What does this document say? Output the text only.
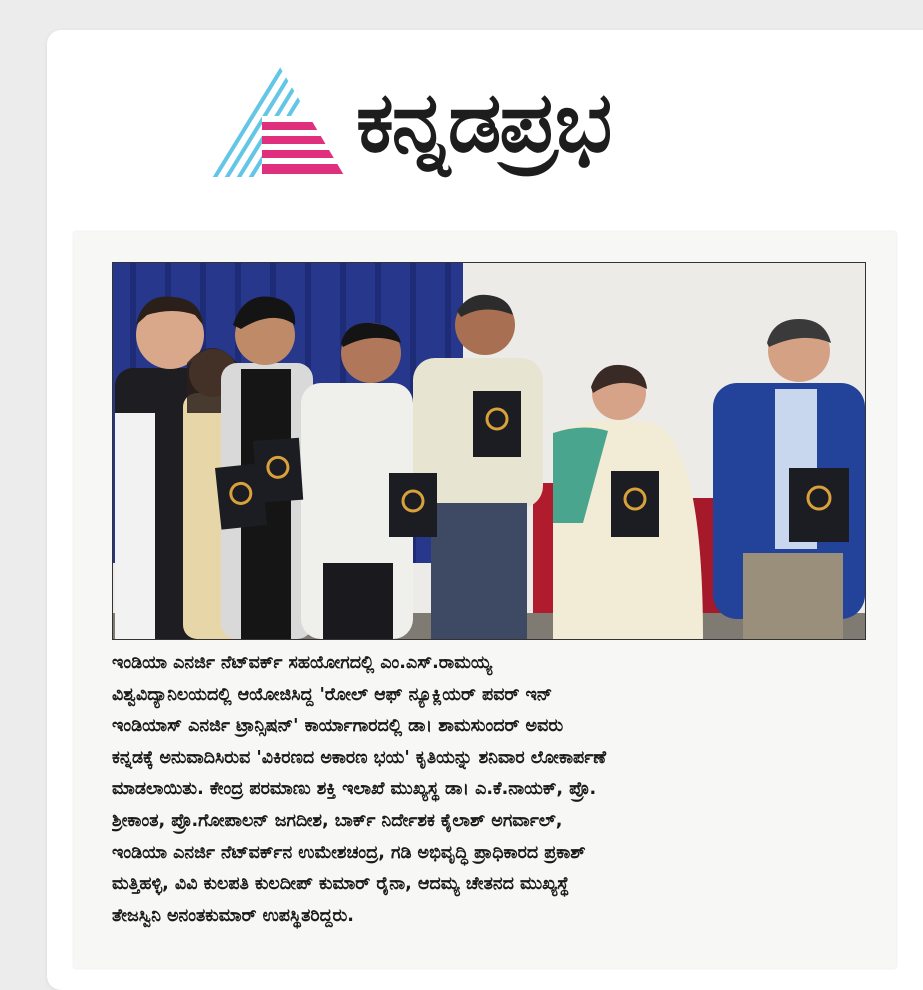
ಕನ್ನಡಪ್ರಭ

ಇಂಡಿಯಾ ಎನರ್ಜಿ ನೆಟ್‌ವರ್ಕ್ ಸಹಯೋಗದಲ್ಲಿ ಎಂ.ಎಸ್.ರಾಮಯ್ಯ
ವಿಶ್ವವಿದ್ಯಾನಿಲಯದಲ್ಲಿ ಆಯೋಜಿಸಿದ್ದ 'ರೋಲ್ ಆಫ್ ನ್ಯೂಕ್ಲಿಯರ್ ಪವರ್ ಇನ್
ಇಂಡಿಯಾಸ್ ಎನರ್ಜಿ ಟ್ರಾನ್ಸಿಷನ್' ಕಾರ್ಯಾಗಾರದಲ್ಲಿ ಡಾ। ಶಾಮಸುಂದರ್ ಅವರು
ಕನ್ನಡಕ್ಕೆ ಅನುವಾದಿಸಿರುವ 'ವಿಕಿರಣದ ಅಕಾರಣ ಭಯ' ಕೃತಿಯನ್ನು ಶನಿವಾರ ಲೋಕಾರ್ಪಣೆ
ಮಾಡಲಾಯಿತು. ಕೇಂದ್ರ ಪರಮಾಣು ಶಕ್ತಿ ಇಲಾಖೆ ಮುಖ್ಯಸ್ಥ ಡಾ। ಎ.ಕೆ.ನಾಯಕ್, ಪ್ರೊ.
ಶ್ರೀಕಾಂತ, ಪ್ರೊ.ಗೋಪಾಲನ್ ಜಗದೀಶ, ಬಾರ್ಕ್ ನಿರ್ದೇಶಕ ಕೈಲಾಶ್ ಅಗರ್ವಾಲ್,
ಇಂಡಿಯಾ ಎನರ್ಜಿ ನೆಟ್‌ವರ್ಕ್‌ನ ಉಮೇಶಚಂದ್ರ, ಗಡಿ ಅಭಿವೃದ್ಧಿ ಪ್ರಾಧಿಕಾರದ ಪ್ರಕಾಶ್
ಮತ್ತಿಹಳ್ಳಿ, ವಿವಿ ಕುಲಪತಿ ಕುಲದೀಪ್ ಕುಮಾರ್ ರೈನಾ, ಆದಮ್ಯ ಚೇತನದ ಮುಖ್ಯಸ್ಥೆ
ತೇಜಸ್ವಿನಿ ಅನಂತಕುಮಾರ್ ಉಪಸ್ಥಿತರಿದ್ದರು.
